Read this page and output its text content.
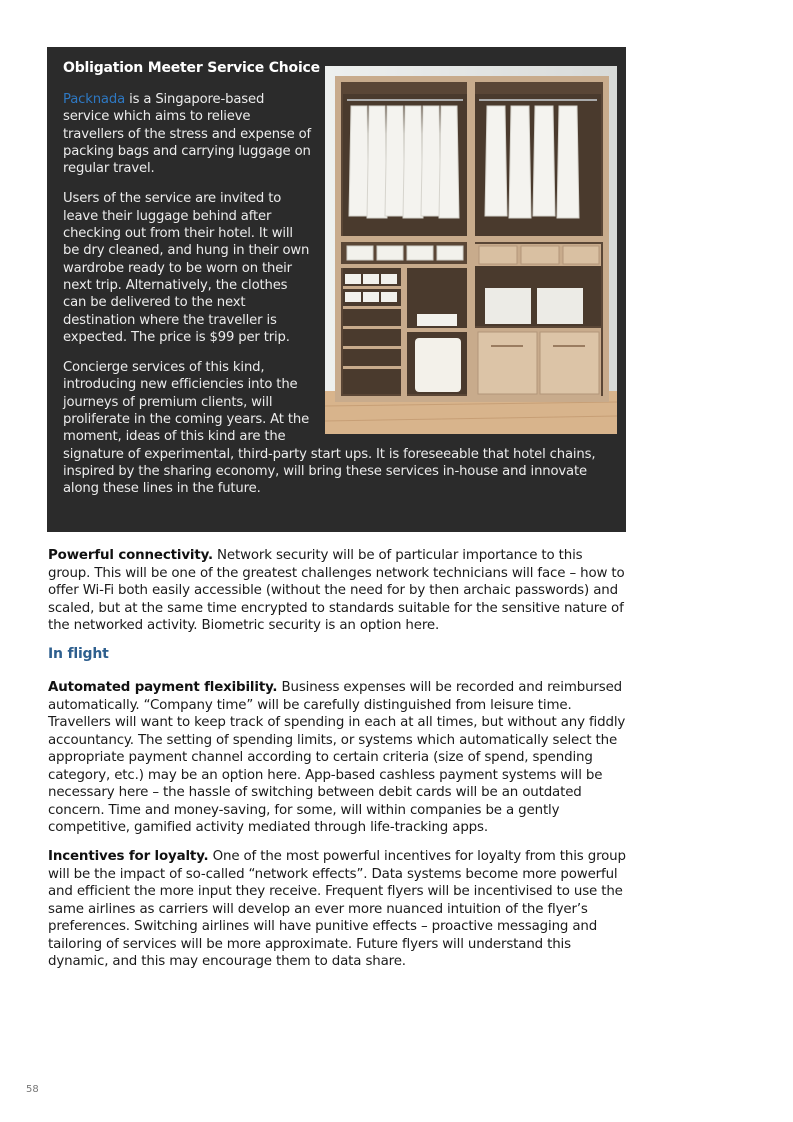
Obligation Meeter Service Choice

Packnada is a Singapore-based service which aims to relieve travellers of the stress and expense of packing bags and carrying luggage on regular travel.

Users of the service are invited to leave their luggage behind after checking out from their hotel. It will be dry cleaned, and hung in their own wardrobe ready to be worn on their next trip. Alternatively, the clothes can be delivered to the next destination where the traveller is expected. The price is $99 per trip.

Concierge services of this kind, introducing new efficiencies into the journeys of premium clients, will proliferate in the coming years. At the moment, ideas of this kind are the signature of experimental, third-party start ups. It is foreseeable that hotel chains, inspired by the sharing economy, will bring these services in-house and innovate along these lines in the future.

Powerful connectivity. Network security will be of particular importance to this group. This will be one of the greatest challenges network technicians will face – how to offer Wi-Fi both easily accessible (without the need for by then archaic passwords) and scaled, but at the same time encrypted to standards suitable for the sensitive nature of the networked activity. Biometric security is an option here.

In flight

Automated payment flexibility. Business expenses will be recorded and reimbursed automatically. “Company time” will be carefully distinguished from leisure time. Travellers will want to keep track of spending in each at all times, but without any fiddly accountancy. The setting of spending limits, or systems which automatically select the appropriate payment channel according to certain criteria (size of spend, spending category, etc.) may be an option here. App-based cashless payment systems will be necessary here – the hassle of switching between debit cards will be an outdated concern. Time and money-saving, for some, will within companies be a gently competitive, gamified activity mediated through life-tracking apps.

Incentives for loyalty. One of the most powerful incentives for loyalty from this group will be the impact of so-called “network effects”. Data systems become more powerful and efficient the more input they receive. Frequent flyers will be incentivised to use the same airlines as carriers will develop an ever more nuanced intuition of the flyer’s preferences. Switching airlines will have punitive effects – proactive messaging and tailoring of services will be more approximate. Future flyers will understand this dynamic, and this may encourage them to data share.

58
